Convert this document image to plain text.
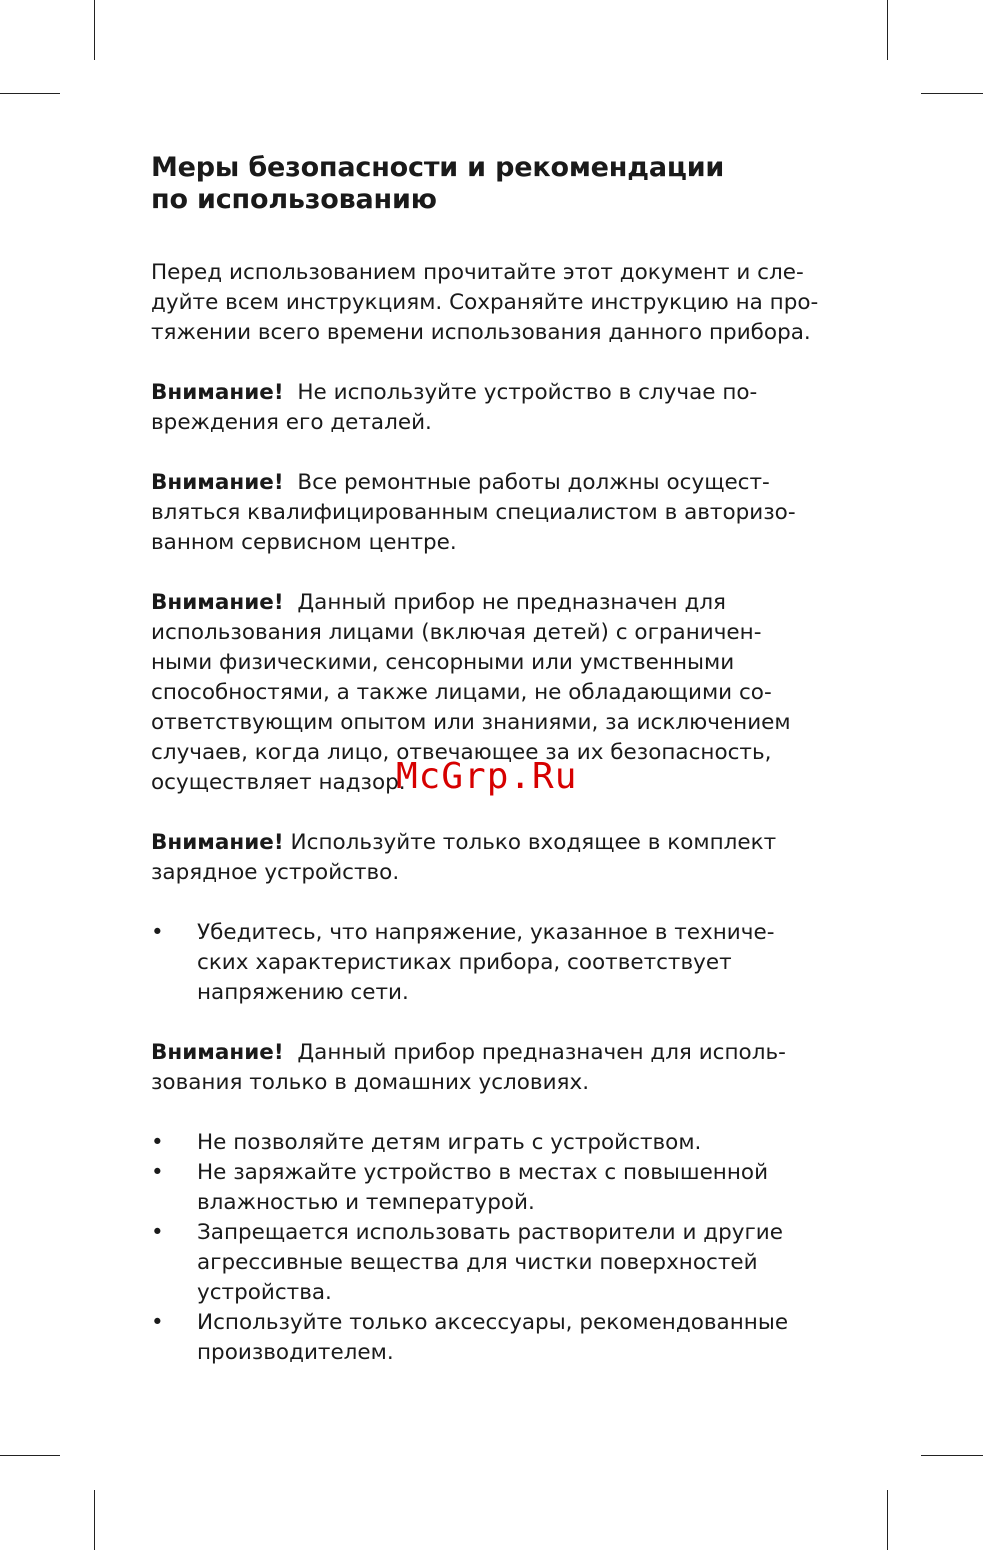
Меры безопасности и рекомендации
по использованию
Перед использованием прочитайте этот документ и сле-
дуйте всем инструкциям. Сохраняйте инструкцию на про-
тяжении всего времени использования данного прибора.
Внимание! Не используйте устройство в случае по-
вреждения его деталей.
Внимание! Все ремонтные работы должны осущест-
вляться квалифицированным специалистом в авторизо-
ванном сервисном центре.
Внимание! Данный прибор не предназначен для
использования лицами (включая детей) с ограничен-
ными физическими, сенсорными или умственными
способностями, а также лицами, не обладающими со-
ответствующим опытом или знаниями, за исключением
случаев, когда лицо, отвечающее за их безопасность,
осуществляет надзор.
Внимание! Используйте только входящее в комплект
зарядное устройство.
• Убедитесь, что напряжение, указанное в техниче-
ских характеристиках прибора, соответствует
напряжению сети.
Внимание! Данный прибор предназначен для исполь-
зования только в домашних условиях.
• Не позволяйте детям играть с устройством.
• Не заряжайте устройство в местах с повышенной
влажностью и температурой.
• Запрещается использовать растворители и другие
агрессивные вещества для чистки поверхностей
устройства.
• Используйте только аксессуары, рекомендованные
производителем.
McGrp.Ru
